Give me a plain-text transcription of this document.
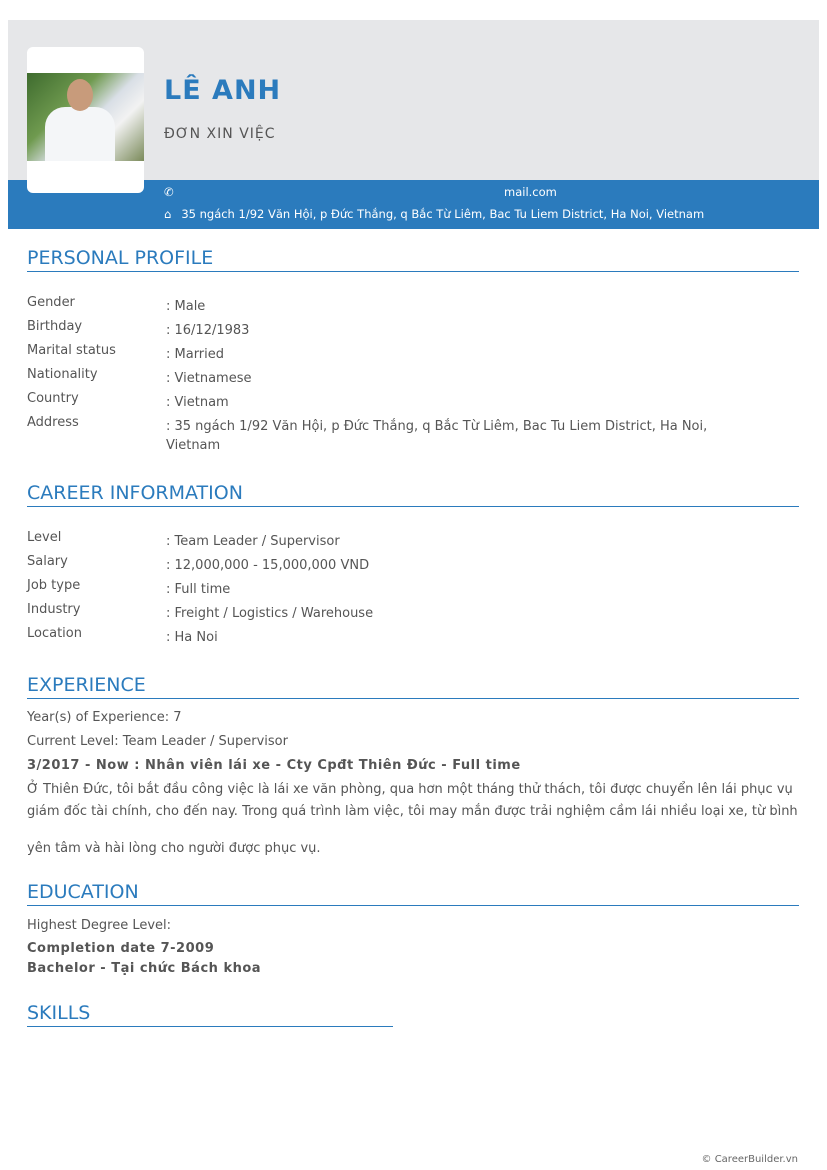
LÊ ANH
ĐƠN XIN VIỆC
✆	mail.com
⌂ 35 ngách 1/92 Văn Hội, p Đức Thắng, q Bắc Từ Liêm, Bac Tu Liem District, Ha Noi, Vietnam
PERSONAL PROFILE
Gender	: Male
Birthday	: 16/12/1983
Marital status	: Married
Nationality	: Vietnamese
Country	: Vietnam
Address	: 35 ngách 1/92 Văn Hội, p Đức Thắng, q Bắc Từ Liêm, Bac Tu Liem District, Ha Noi, Vietnam
CAREER INFORMATION
Level	: Team Leader / Supervisor
Salary	: 12,000,000 - 15,000,000 VND
Job type	: Full time
Industry	: Freight / Logistics / Warehouse
Location	: Ha Noi
EXPERIENCE
Year(s) of Experience: 7
Current Level: Team Leader / Supervisor
3/2017 - Now : Nhân viên lái xe - Cty Cpđt Thiên Đức - Full time
Ở Thiên Đức, tôi bắt đầu công việc là lái xe văn phòng, qua hơn một tháng thử thách, tôi được chuyển lên lái phục vụ giám đốc tài chính, cho đến nay. Trong quá trình làm việc, tôi may mắn được trải nghiệm cầm lái nhiều loại xe, từ bình
yên tâm và hài lòng cho người được phục vụ.
EDUCATION
Highest Degree Level:
Completion date 7-2009
Bachelor - Tại chức Bách khoa
SKILLS
© CareerBuilder.vn
